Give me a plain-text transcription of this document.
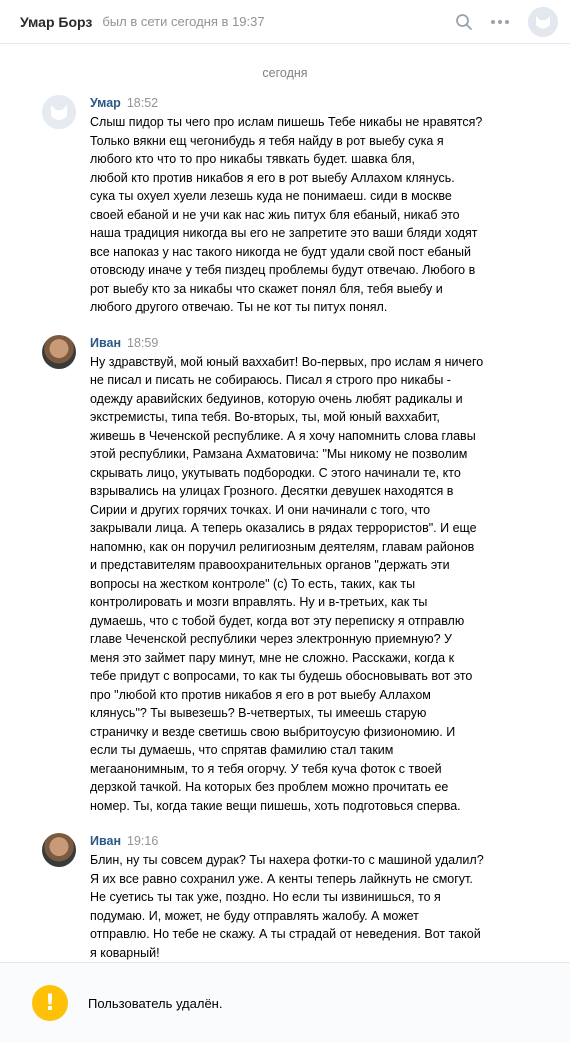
Умар Борз был в сети сегодня в 19:37
сегодня
Умар 18:52
Слыш пидор ты чего про ислам пишешь Тебе никабы не нравятся?
Только вякни ещ чегонибудь я тебя найду в рот выебу сука я
любого кто что то про никабы тявкать будет. шавка бля,
любой кто против никабов я его в рот выебу Аллахом клянусь.
сука ты охуел хуели лезешь куда не понимаеш. сиди в москве
своей ебаной и не учи как нас жиь питух бля ебаный, никаб это
наша традиция никогда вы его не запретите это ваши бляди ходят
все напоказ у нас такого никогда не будт удали свой пост ебаный
отовсюду иначе у тебя пиздец проблемы будут отвечаю. Любого в
рот выебу кто за никабы что скажет понял бля, тебя выебу и
любого другого отвечаю. Ты не кот ты питух понял.
Иван 18:59
Ну здравствуй, мой юный ваххабит! Во-первых, про ислам я ничего
не писал и писать не собираюсь. Писал я строго про никабы -
одежду аравийских бедуинов, которую очень любят радикалы и
экстремисты, типа тебя. Во-вторых, ты, мой юный ваххабит,
живешь в Чеченской республике. А я хочу напомнить слова главы
этой республики, Рамзана Ахматовича: "Мы никому не позволим
скрывать лицо, укутывать подбородки. С этого начинали те, кто
взрывались на улицах Грозного. Десятки девушек находятся в
Сирии и других горячих точках. И они начинали с того, что
закрывали лица. А теперь оказались в рядах террористов". И еще
напомню, как он поручил религиозным деятелям, главам районов
и представителям правоохранительных органов "держать эти
вопросы на жестком контроле" (с) То есть, таких, как ты
контролировать и мозги вправлять. Ну и в-третьих, как ты
думаешь, что с тобой будет, когда вот эту переписку я отправлю
главе Чеченской республики через электронную приемную? У
меня это займет пару минут, мне не сложно. Расскажи, когда к
тебе придут с вопросами, то как ты будешь обосновывать вот это
про "любой кто против никабов я его в рот выебу Аллахом
клянусь"? Ты вывезешь? В-четвертых, ты имеешь старую
страничку и везде светишь свою выбритоусую физиономию. И
если ты думаешь, что спрятав фамилию стал таким
мегаанонимным, то я тебя огорчу. У тебя куча фоток с твоей
дерзкой тачкой. На которых без проблем можно прочитать ее
номер. Ты, когда такие вещи пишешь, хоть подготовься сперва.
Иван 19:16
Блин, ну ты совсем дурак? Ты нахера фотки-то с машиной удалил?
Я их все равно сохранил уже. А кенты теперь лайкнуть не смогут.
Не суетись ты так уже, поздно. Но если ты извинишься, то я
подумаю. И, может, не буду отправлять жалобу. А может
отправлю. Но тебе не скажу. А ты страдай от неведения. Вот такой
я коварный!
!	Пользователь удалён.
